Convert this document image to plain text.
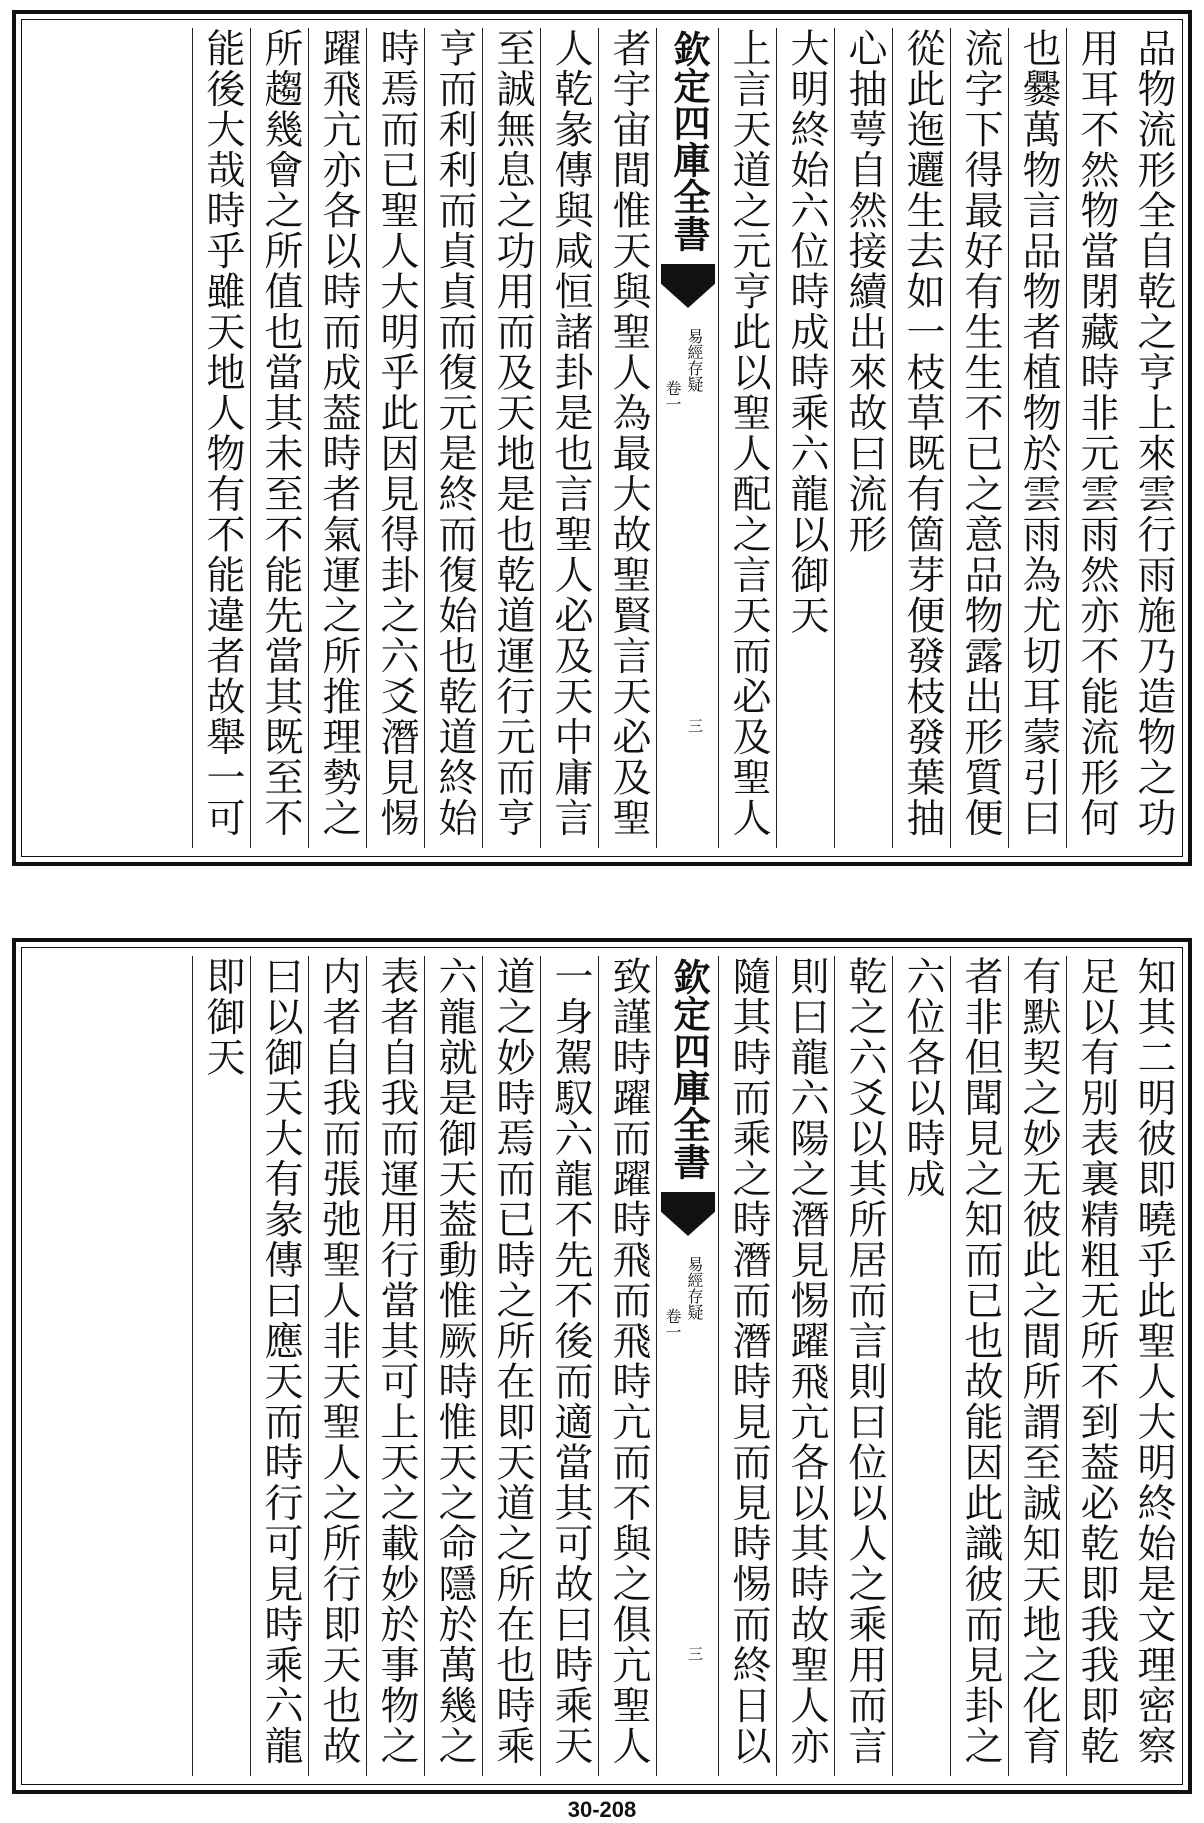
品物流形全自乾之亨上來雲行雨施乃造物之功
用耳不然物當閉藏時非元雲雨然亦不能流形何
也爨萬物言品物者植物於雲雨為尤切耳蒙引曰
流字下得最好有生生不已之意品物露出形質便
從此迤邐生去如一枝草既有箇芽便發枝發葉抽
心抽萼自然接續出來故曰流形
大明終始六位時成時乘六龍以御天
上言天道之元亨此以聖人配之言天而必及聖人
欽定四庫全書
易經存疑
卷一
三
者宇宙間惟天與聖人為最大故聖賢言天必及聖
人乾彖傳與咸恒諸卦是也言聖人必及天中庸言
至誠無息之功用而及天地是也乾道運行元而亨
亨而利利而貞貞而復元是終而復始也乾道終始
時焉而已聖人大明乎此因見得卦之六爻潛見惕
躍飛亢亦各以時而成葢時者氣運之所推理勢之
所趨幾會之所值也當其未至不能先當其既至不
能後大哉時乎雖天地人物有不能違者故舉一可
知其二明彼即曉乎此聖人大明終始是文理密察
足以有別表裏精粗无所不到葢必乾即我我即乾
有默契之妙无彼此之間所謂至誠知天地之化育
者非但聞見之知而已也故能因此識彼而見卦之
六位各以時成
乾之六爻以其所居而言則曰位以人之乘用而言
則曰龍六陽之潛見惕躍飛亢各以其時故聖人亦
隨其時而乘之時潛而潛時見而見時惕而終日以
欽定四庫全書
易經存疑
卷一
三
致謹時躍而躍時飛而飛時亢而不與之俱亢聖人
一身駕馭六龍不先不後而適當其可故曰時乘天
道之妙時焉而已時之所在即天道之所在也時乘
六龍就是御天葢動惟厥時惟天之命隱於萬幾之
表者自我而運用行當其可上天之載妙於事物之
内者自我而張弛聖人非天聖人之所行即天也故
曰以御天大有彖傳曰應天而時行可見時乘六龍
即御天
30-208
